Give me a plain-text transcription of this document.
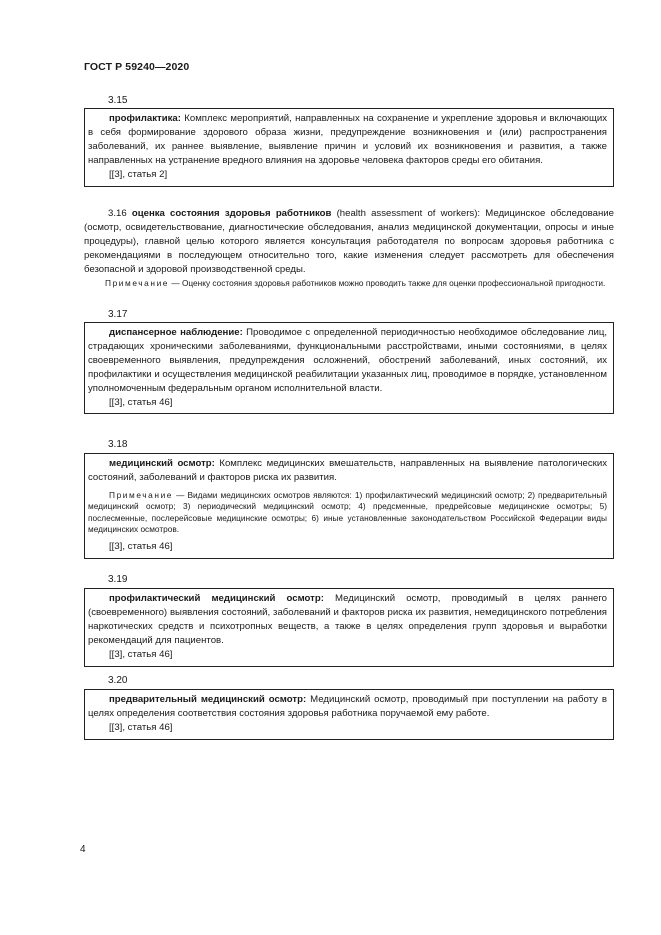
ГОСТ Р 59240—2020
3.15

профилактика: Комплекс мероприятий, направленных на сохранение и укрепление здоровья и включающих в себя формирование здорового образа жизни, предупреждение возникновения и (или) распространения заболеваний, их раннее выявление, выявление причин и условий их возникновения и развития, а также направленных на устранение вредного влияния на здоровье человека факторов среды его обитания.

[[3], статья 2]

3.16 оценка состояния здоровья работников (health assessment of workers): Медицинское обследование (осмотр, освидетельствование, диагностические обследования, анализ медицинской документации, опросы и иные процедуры), главной целью которого является консультация работодателя по вопросам здоровья работника с рекомендациями в последующем относительно того, какие изменения следует рассмотреть для обеспечения безопасной и здоровой производственной среды.

Примечание — Оценку состояния здоровья работников можно проводить также для оценки профессиональной пригодности.

3.17

диспансерное наблюдение: Проводимое с определенной периодичностью необходимое обследование лиц, страдающих хроническими заболеваниями, функциональными расстройствами, иными состояниями, в целях своевременного выявления, предупреждения осложнений, обострений заболеваний, иных состояний, их профилактики и осуществления медицинской реабилитации указанных лиц, проводимое в порядке, установленном уполномоченным федеральным органом исполнительной власти.

[[3], статья 46]

3.18

медицинский осмотр: Комплекс медицинских вмешательств, направленных на выявление патологических состояний, заболеваний и факторов риска их развития.

Примечание — Видами медицинских осмотров являются: 1) профилактический медицинский осмотр; 2) предварительный медицинский осмотр; 3) периодический медицинский осмотр; 4) предсменные, предрейсовые медицинские осмотры; 5) послесменные, послерейсовые медицинские осмотры; 6) иные установленные законодательством Российской Федерации виды медицинских осмотров.

[[3], статья 46]

3.19

профилактический медицинский осмотр: Медицинский осмотр, проводимый в целях раннего (своевременного) выявления состояний, заболеваний и факторов риска их развития, немедицинского потребления наркотических средств и психотропных веществ, а также в целях определения групп здоровья и выработки рекомендаций для пациентов.

[[3], статья 46]

3.20

предварительный медицинский осмотр: Медицинский осмотр, проводимый при поступлении на работу в целях определения соответствия состояния здоровья работника поручаемой ему работе.

[[3], статья 46]

4
